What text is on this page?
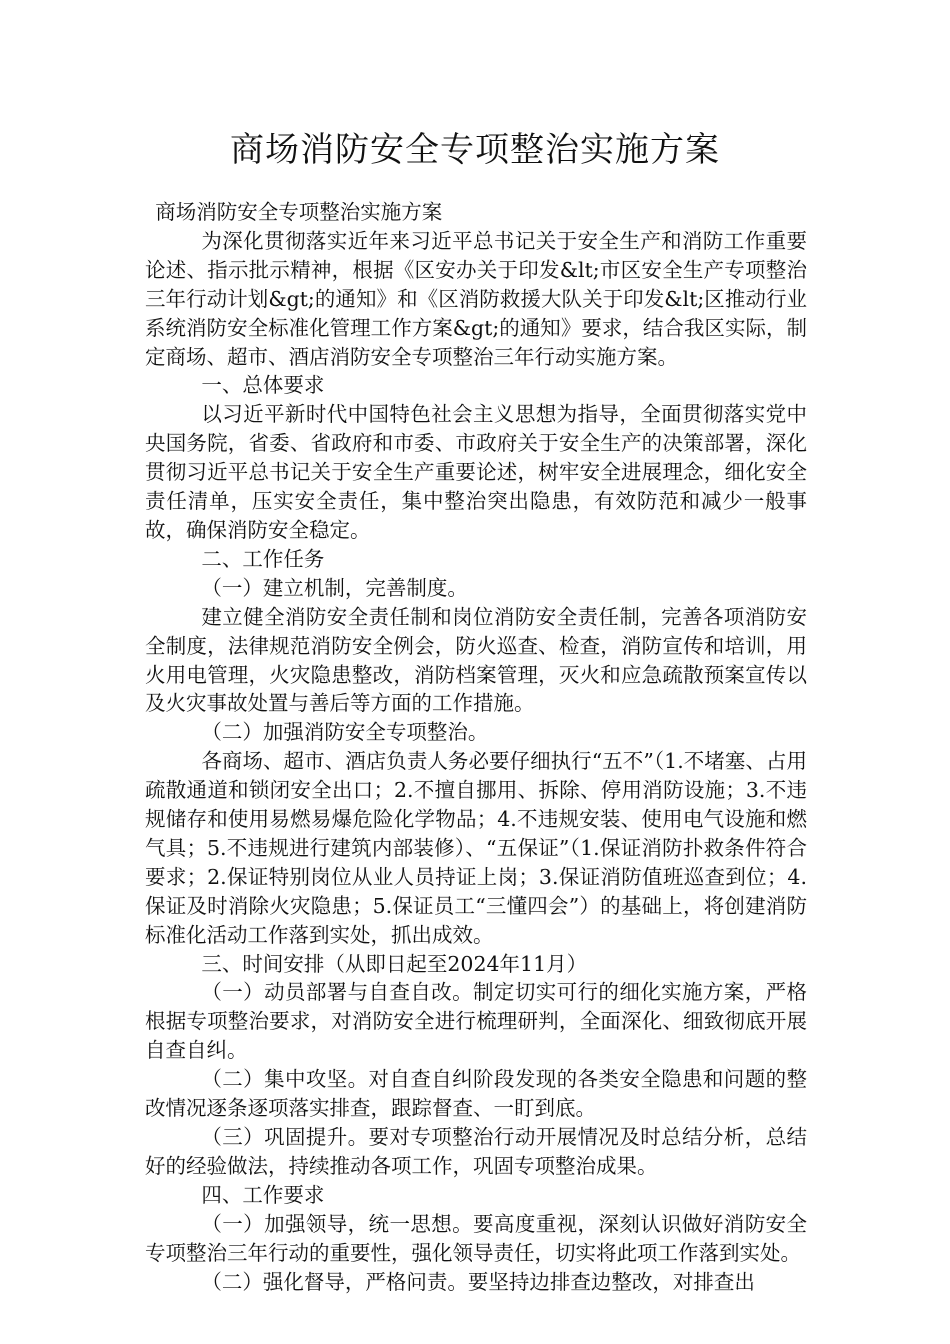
商场消防安全专项整治实施方案

商场消防安全专项整治实施方案

为深化贯彻落实近年来习近平总书记关于安全生产和消防工作重要论述、指示批示精神，根据《区安办关于印发&lt;市区安全生产专项整治三年行动计划&gt;的通知》和《区消防救援大队关于印发&lt;区推动行业系统消防安全标准化管理工作方案&gt;的通知》要求，结合我区实际，制定商场、超市、酒店消防安全专项整治三年行动实施方案。

一、总体要求

以习近平新时代中国特色社会主义思想为指导，全面贯彻落实党中央国务院，省委、省政府和市委、市政府关于安全生产的决策部署，深化贯彻习近平总书记关于安全生产重要论述，树牢安全进展理念，细化安全责任清单，压实安全责任，集中整治突出隐患，有效防范和减少一般事故，确保消防安全稳定。

二、工作任务

（一）建立机制，完善制度。

建立健全消防安全责任制和岗位消防安全责任制，完善各项消防安全制度，法律规范消防安全例会，防火巡查、检查，消防宣传和培训，用火用电管理，火灾隐患整改，消防档案管理，灭火和应急疏散预案宣传以及火灾事故处置与善后等方面的工作措施。

（二）加强消防安全专项整治。

各商场、超市、酒店负责人务必要仔细执行“五不”（1.不堵塞、占用疏散通道和锁闭安全出口；2.不擅自挪用、拆除、停用消防设施；3.不违规储存和使用易燃易爆危险化学物品；4.不违规安装、使用电气设施和燃气具；5.不违规进行建筑内部装修）、“五保证”（1.保证消防扑救条件符合要求；2.保证特别岗位从业人员持证上岗；3.保证消防值班巡查到位；4.保证及时消除火灾隐患；5.保证员工“三懂四会”）的基础上，将创建消防标准化活动工作落到实处，抓出成效。

三、时间安排（从即日起至2024年11月）

（一）动员部署与自查自改。制定切实可行的细化实施方案，严格根据专项整治要求，对消防安全进行梳理研判，全面深化、细致彻底开展自查自纠。

（二）集中攻坚。对自查自纠阶段发现的各类安全隐患和问题的整改情况逐条逐项落实排查，跟踪督查、一盯到底。

（三）巩固提升。要对专项整治行动开展情况及时总结分析，总结好的经验做法，持续推动各项工作，巩固专项整治成果。

四、工作要求

（一）加强领导，统一思想。要高度重视，深刻认识做好消防安全专项整治三年行动的重要性，强化领导责任，切实将此项工作落到实处。

（二）强化督导，严格问责。要坚持边排查边整改，对排查出
